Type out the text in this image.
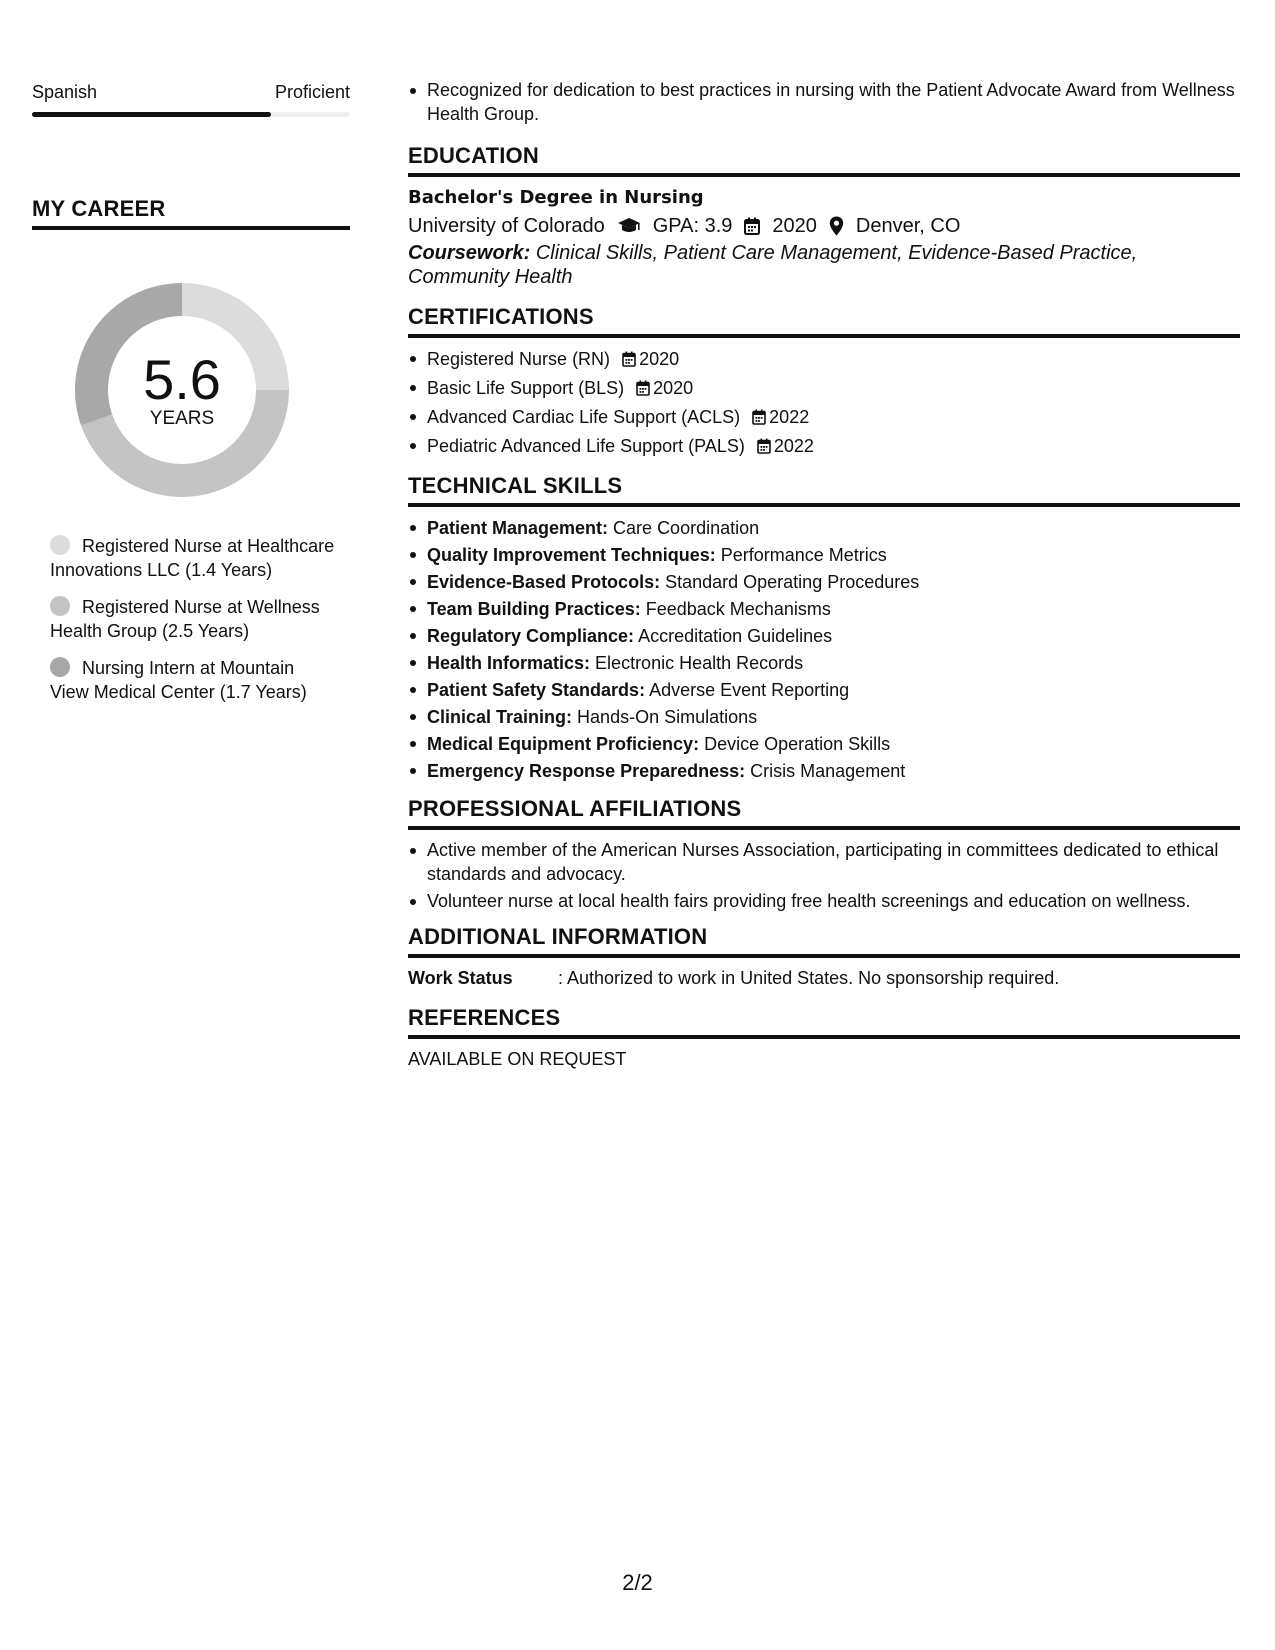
Spanish	Proficient
MY CAREER
5.6
YEARS
Registered Nurse at Healthcare Innovations LLC (1.4 Years)
Registered Nurse at Wellness Health Group (2.5 Years)
Nursing Intern at Mountain View Medical Center (1.7 Years)
Recognized for dedication to best practices in nursing with the Patient Advocate Award from Wellness Health Group.
EDUCATION
Bachelor's Degree in Nursing
University of Colorado GPA: 3.9 2020 Denver, CO
Coursework: Clinical Skills, Patient Care Management, Evidence-Based Practice, Community Health
CERTIFICATIONS
Registered Nurse (RN) 2020
Basic Life Support (BLS) 2020
Advanced Cardiac Life Support (ACLS) 2022
Pediatric Advanced Life Support (PALS) 2022
TECHNICAL SKILLS
Patient Management: Care Coordination
Quality Improvement Techniques: Performance Metrics
Evidence-Based Protocols: Standard Operating Procedures
Team Building Practices: Feedback Mechanisms
Regulatory Compliance: Accreditation Guidelines
Health Informatics: Electronic Health Records
Patient Safety Standards: Adverse Event Reporting
Clinical Training: Hands-On Simulations
Medical Equipment Proficiency: Device Operation Skills
Emergency Response Preparedness: Crisis Management
PROFESSIONAL AFFILIATIONS
Active member of the American Nurses Association, participating in committees dedicated to ethical standards and advocacy.
Volunteer nurse at local health fairs providing free health screenings and education on wellness.
ADDITIONAL INFORMATION
Work Status	: Authorized to work in United States. No sponsorship required.
REFERENCES
AVAILABLE ON REQUEST
2/2
